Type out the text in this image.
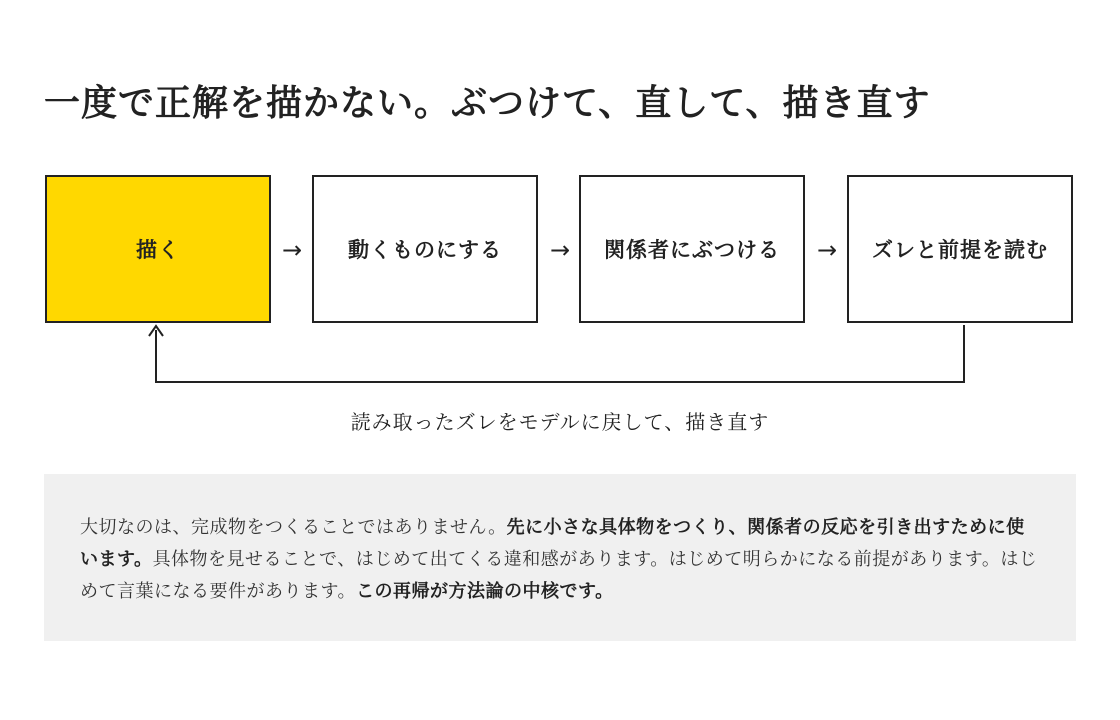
一度で正解を描かない。ぶつけて、直して、描き直す
描く	→	動くものにする	→	関係者にぶつける	→	ズレと前提を読む
読み取ったズレをモデルに戻して、描き直す
大切なのは、完成物をつくることではありません。先に小さな具体物をつくり、関係者の反応を引き出すために使います。具体物を見せることで、はじめて出てくる違和感があります。はじめて明らかになる前提があります。はじめて言葉になる要件があります。この再帰が方法論の中核です。
